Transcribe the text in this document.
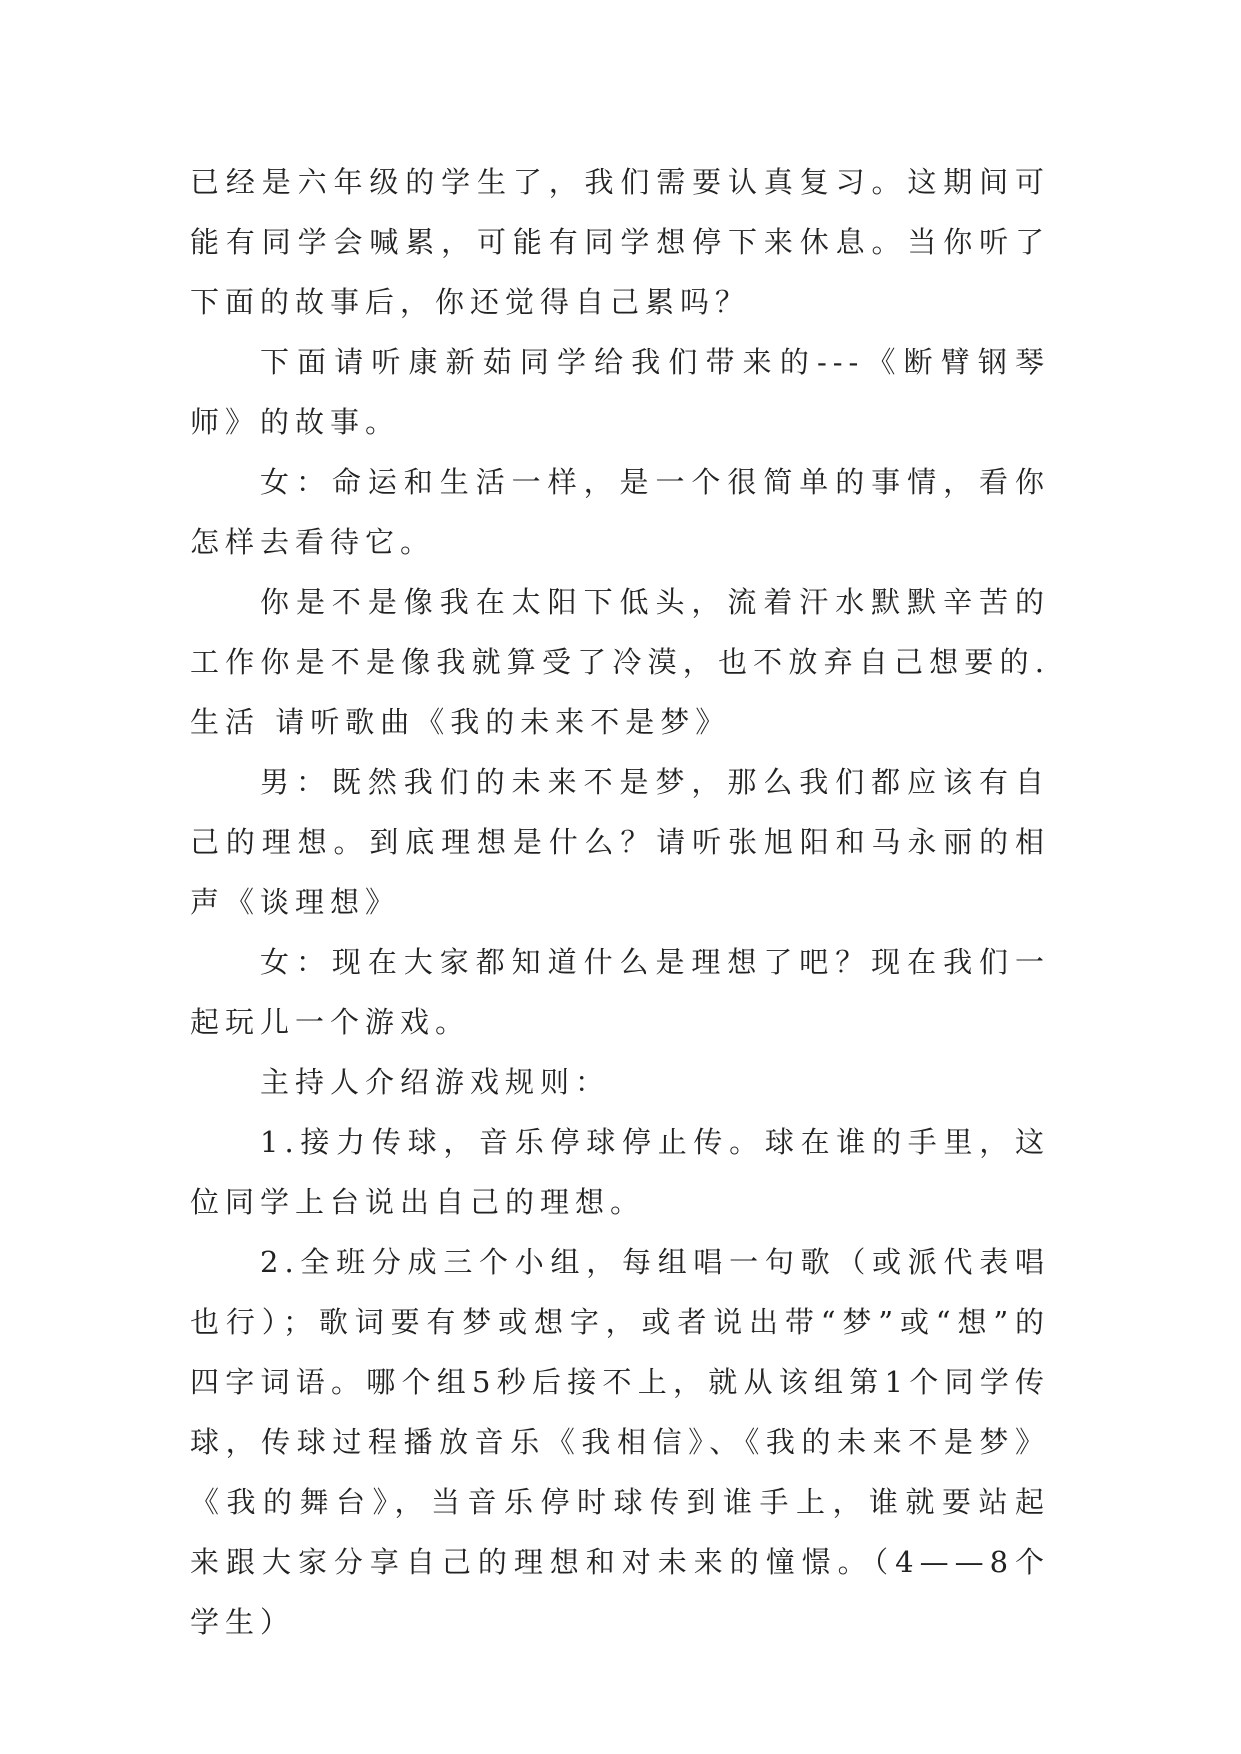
已经是六年级的学生了，我们需要认真复习。这期间可能有同学会喊累，可能有同学想停下来休息。当你听了下面的故事后，你还觉得自己累吗？

下面请听康新茹同学给我们带来的---《断臂钢琴师》的故事。

女：命运和生活一样，是一个很简单的事情，看你怎样去看待它。

你是不是像我在太阳下低头，流着汗水默默辛苦的工作你是不是像我就算受了冷漠，也不放弃自己想要的.生活 请听歌曲《我的未来不是梦》

男：既然我们的未来不是梦，那么我们都应该有自己的理想。到底理想是什么？请听张旭阳和马永丽的相声《谈理想》

女：现在大家都知道什么是理想了吧？现在我们一起玩儿一个游戏。

主持人介绍游戏规则：

1.接力传球，音乐停球停止传。球在谁的手里，这位同学上台说出自己的理想。

2.全班分成三个小组，每组唱一句歌（或派代表唱也行）；歌词要有梦或想字，或者说出带“梦”或“想”的四字词语。哪个组5秒后接不上，就从该组第1个同学传球，传球过程播放音乐《我相信》、《我的未来不是梦》《我的舞台》，当音乐停时球传到谁手上，谁就要站起来跟大家分享自己的理想和对未来的憧憬。（4——8个学生）
